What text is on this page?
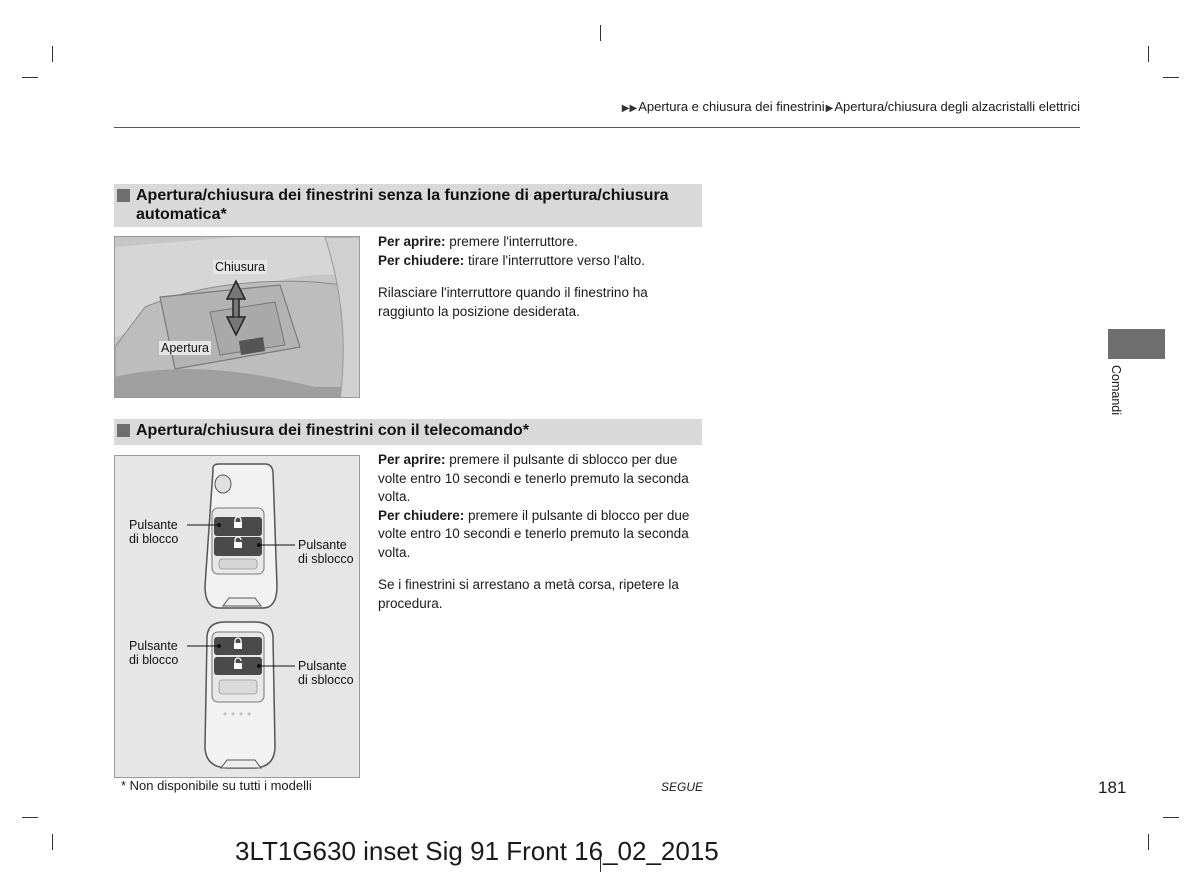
▶▶Apertura e chiusura dei finestrini▶Apertura/chiusura degli alzacristalli elettrici
Apertura/chiusura dei finestrini senza la funzione di apertura/chiusura automatica*
Chiusura
Apertura

Per aprire: premere l'interruttore.

Per chiudere: tirare l'interruttore verso l'alto.

Rilasciare l'interruttore quando il finestrino ha raggiunto la posizione desiderata.

Apertura/chiusura dei finestrini con il telecomando*
Pulsante di blocco	Pulsante di sblocco
Pulsante di blocco	Pulsante di sblocco

Per aprire: premere il pulsante di sblocco per due volte entro 10 secondi e tenerlo premuto la seconda volta.

Per chiudere: premere il pulsante di blocco per due volte entro 10 secondi e tenerlo premuto la seconda volta.

Se i finestrini si arrestano a metà corsa, ripetere la procedura.

* Non disponibile su tutti i modelli	SEGUE	181
Comandi
3LT1G630 inset Sig 91 Front 16_02_2015
